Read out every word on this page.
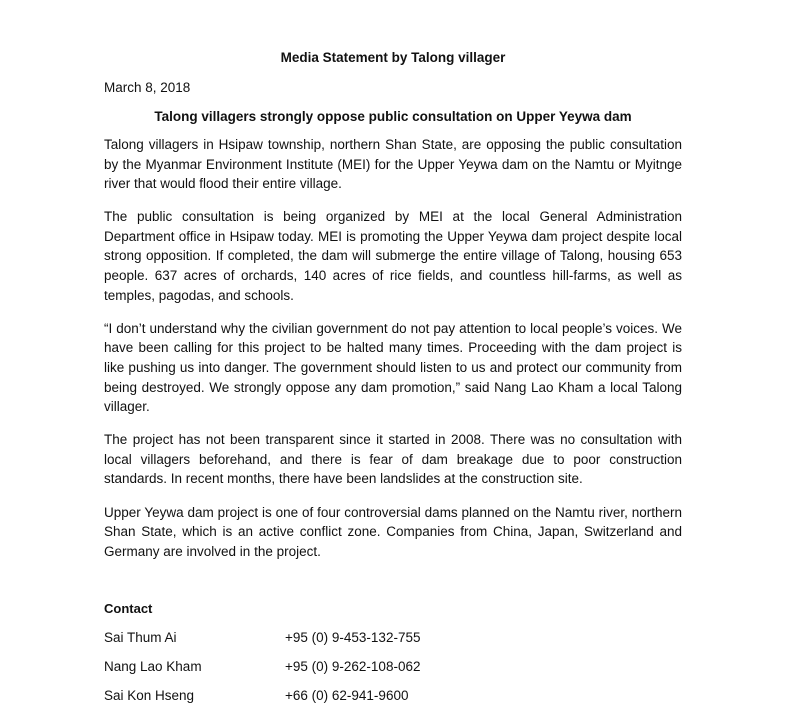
Media Statement by Talong villager
March 8, 2018
Talong villagers strongly oppose public consultation on Upper Yeywa dam

Talong villagers in Hsipaw township, northern Shan State, are opposing the public consultation by the Myanmar Environment Institute (MEI) for the Upper Yeywa dam on the Namtu or Myitnge river that would flood their entire village.

The public consultation is being organized by MEI at the local General Administration Department office in Hsipaw today. MEI is promoting the Upper Yeywa dam project despite local strong opposition. If completed, the dam will submerge the entire village of Talong, housing 653 people. 637 acres of orchards, 140 acres of rice fields, and countless hill-farms, as well as temples, pagodas, and schools.

“I don’t understand why the civilian government do not pay attention to local people’s voices. We have been calling for this project to be halted many times. Proceeding with the dam project is like pushing us into danger. The government should listen to us and protect our community from being destroyed. We strongly oppose any dam promotion,” said Nang Lao Kham a local Talong villager.

The project has not been transparent since it started in 2008. There was no consultation with local villagers beforehand, and there is fear of dam breakage due to poor construction standards. In recent months, there have been landslides at the construction site.

Upper Yeywa dam project is one of four controversial dams planned on the Namtu river, northern Shan State, which is an active conflict zone. Companies from China, Japan, Switzerland and Germany are involved in the project.

Contact
Sai Thum Ai	+95 (0) 9-453-132-755
Nang Lao Kham	+95 (0) 9-262-108-062
Sai Kon Hseng	+66 (0) 62-941-9600
